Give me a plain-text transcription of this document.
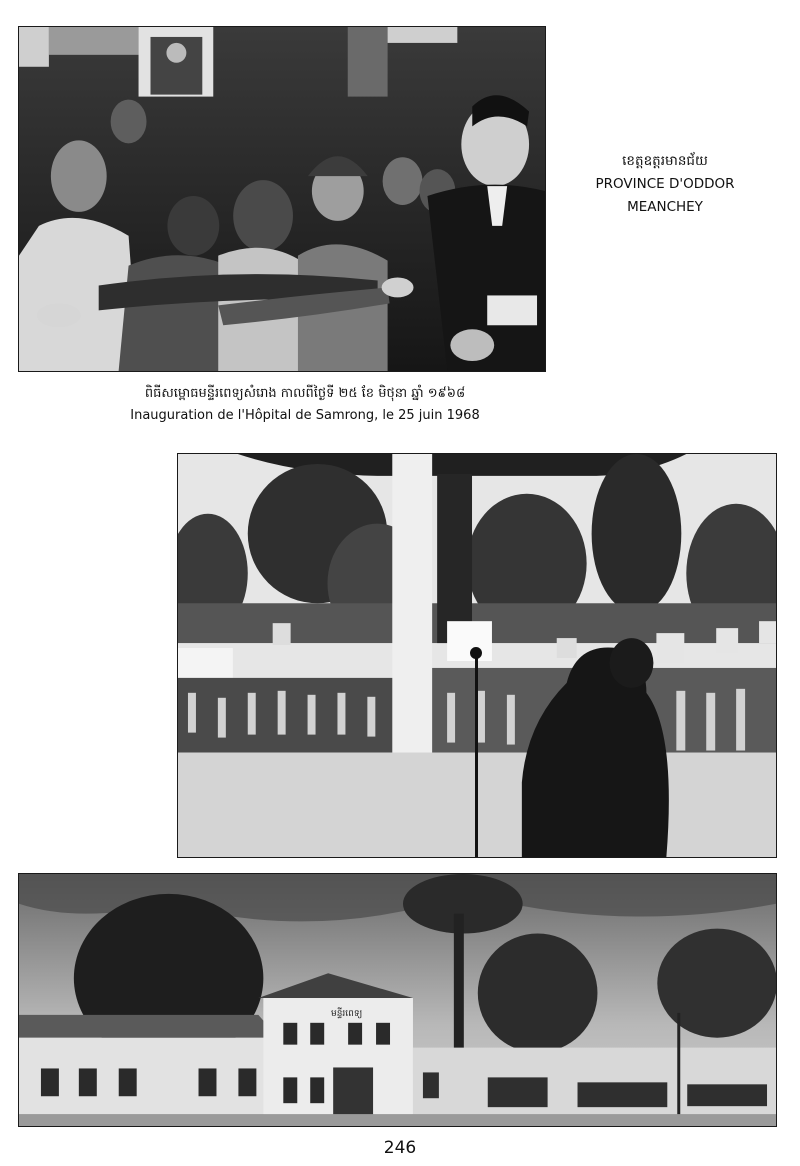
ខេត្តឧត្តរមានជ័យ
PROVINCE D'ODDOR
MEANCHEY
ពិធីសម្ពោធមន្ទីរពេទ្យសំរោង កាលពីថ្ងៃទី ២៥ ខែ មិថុនា ឆ្នាំ ១៩៦៨
Inauguration de l'Hôpital de Samrong, le 25 juin 1968
មន្ទីរពេទ្យ
246
